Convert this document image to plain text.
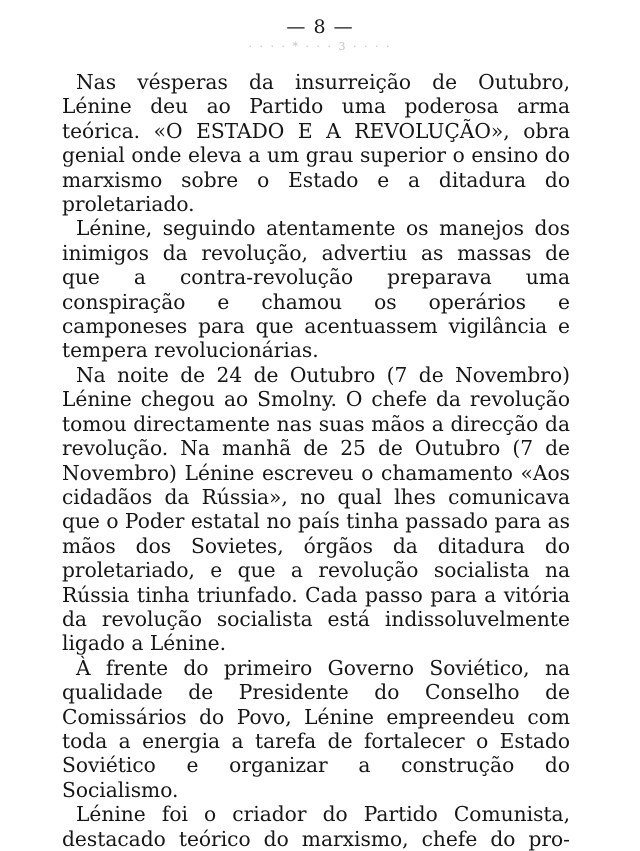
— 8 —
· · · · * · · · 3 · · · ·

Nas vésperas da insurreição de Outubro, Lénine deu ao Partido uma poderosa arma teórica. «O ESTADO E A REVOLUÇÃO», obra genial onde eleva a um grau superior o ensino do marxismo sobre o Estado e a ditadura do proletariado.

Lénine, seguindo atentamente os manejos dos inimigos da revolução, advertiu as massas de que a contra-revolução preparava uma conspiração e chamou os operários e camponeses para que acentuassem vigilância e tempera revolucionárias.

Na noite de 24 de Outubro (7 de Novembro) Lénine chegou ao Smolny. O chefe da revolução tomou directamente nas suas mãos a direcção da revolução. Na manhã de 25 de Outubro (7 de Novembro) Lénine escreveu o chamamento «Aos cidadãos da Rússia», no qual lhes comunicava que o Poder estatal no país tinha passado para as mãos dos Sovietes, órgãos da ditadura do proletariado, e que a revolução socialista na Rússia tinha triunfado. Cada passo para a vitória da revolução socialista está indissoluvelmente ligado a Lénine.

À frente do primeiro Governo Soviético, na qualidade de Presidente do Conselho de Comissários do Povo, Lénine empreendeu com toda a energia a tarefa de fortalecer o Estado Soviético e organizar a construção do Socialismo.

Lénine foi o criador do Partido Comunista, destacado teórico do marxismo, chefe do pro-
